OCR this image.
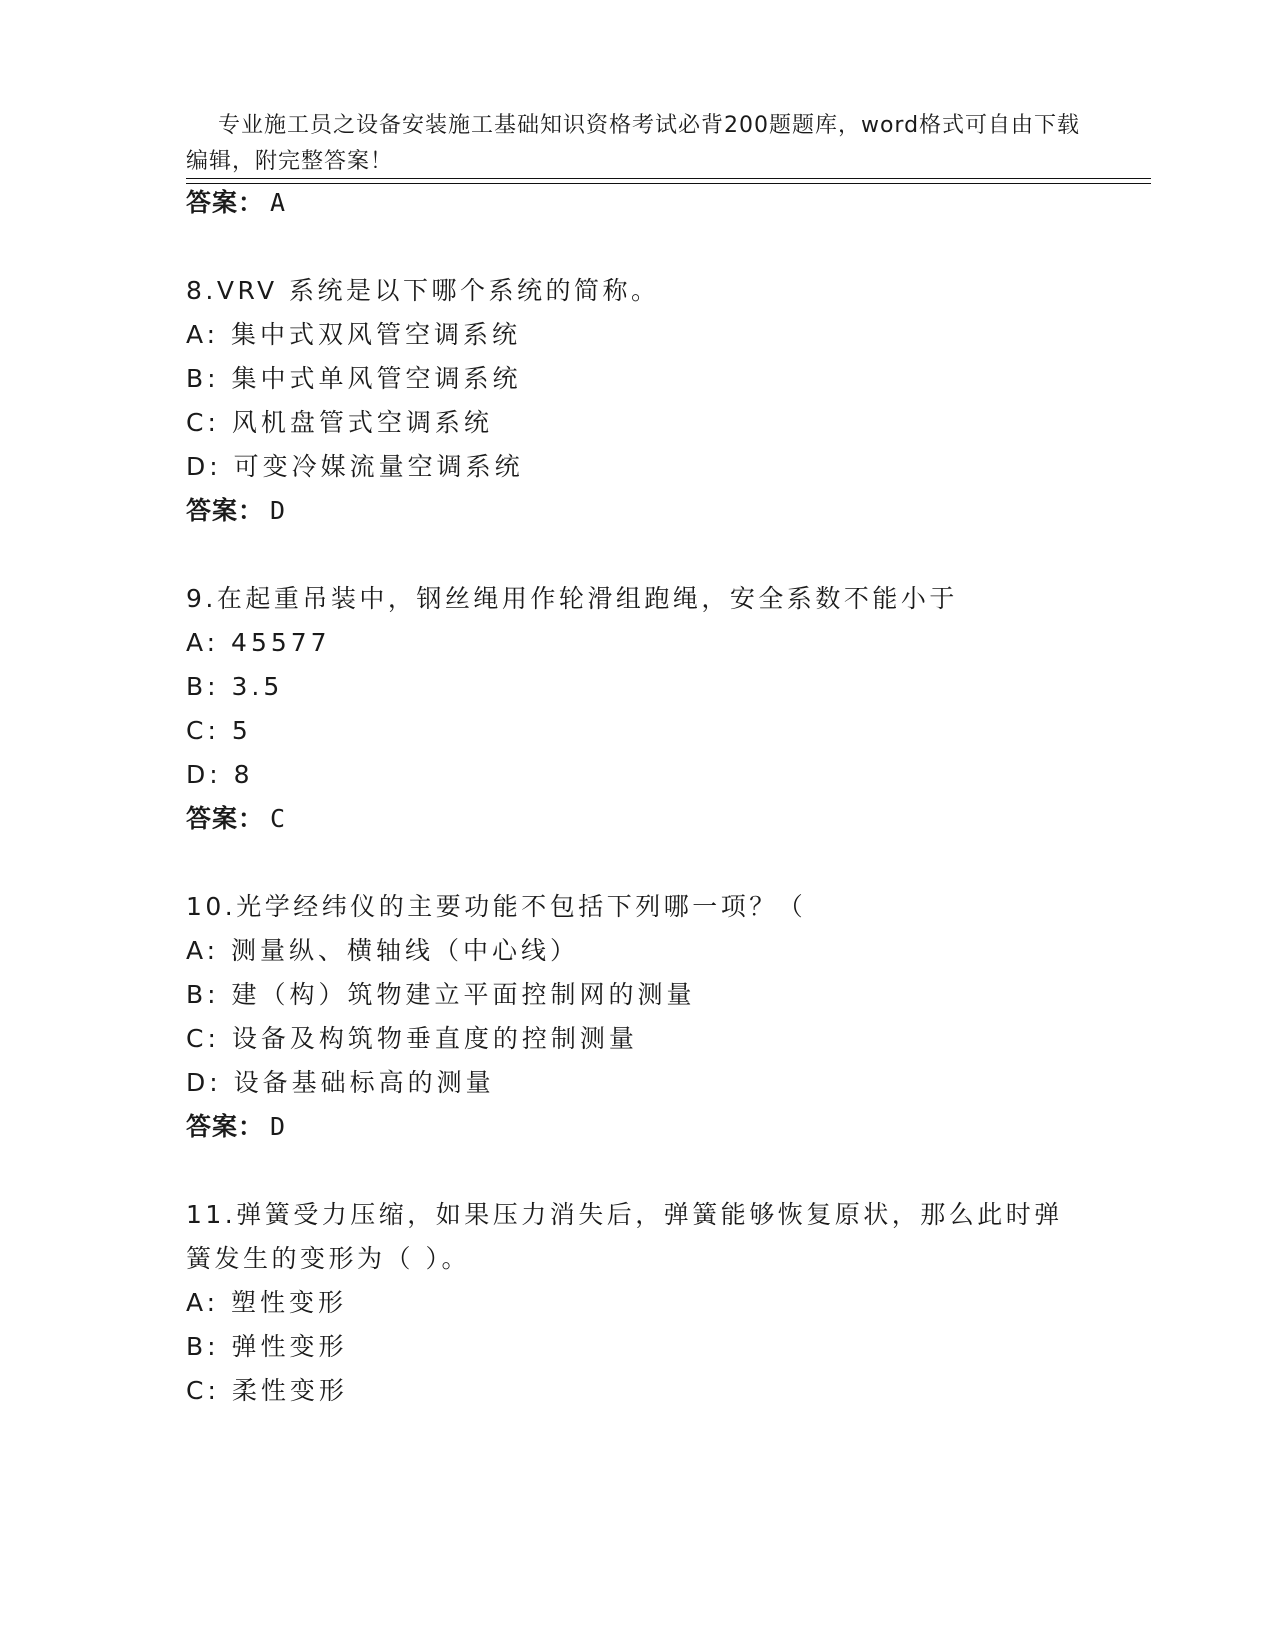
专业施工员之设备安装施工基础知识资格考试必背200题题库，word格式可自由下载编辑，附完整答案！

答案： A
8.VRV 系统是以下哪个系统的简称。
A: 集中式双风管空调系统
B: 集中式单风管空调系统
C: 风机盘管式空调系统
D: 可变冷媒流量空调系统
答案： D
9.在起重吊装中，钢丝绳用作轮滑组跑绳，安全系数不能小于
A: 45577
B: 3.5
C: 5
D: 8
答案： C
10.光学经纬仪的主要功能不包括下列哪一项？（
A: 测量纵、横轴线（中心线）
B: 建（构）筑物建立平面控制网的测量
C: 设备及构筑物垂直度的控制测量
D: 设备基础标高的测量
答案： D
11.弹簧受力压缩，如果压力消失后，弹簧能够恢复原状，那么此时弹
簧发生的变形为（ ）。
A: 塑性变形
B: 弹性变形
C: 柔性变形
